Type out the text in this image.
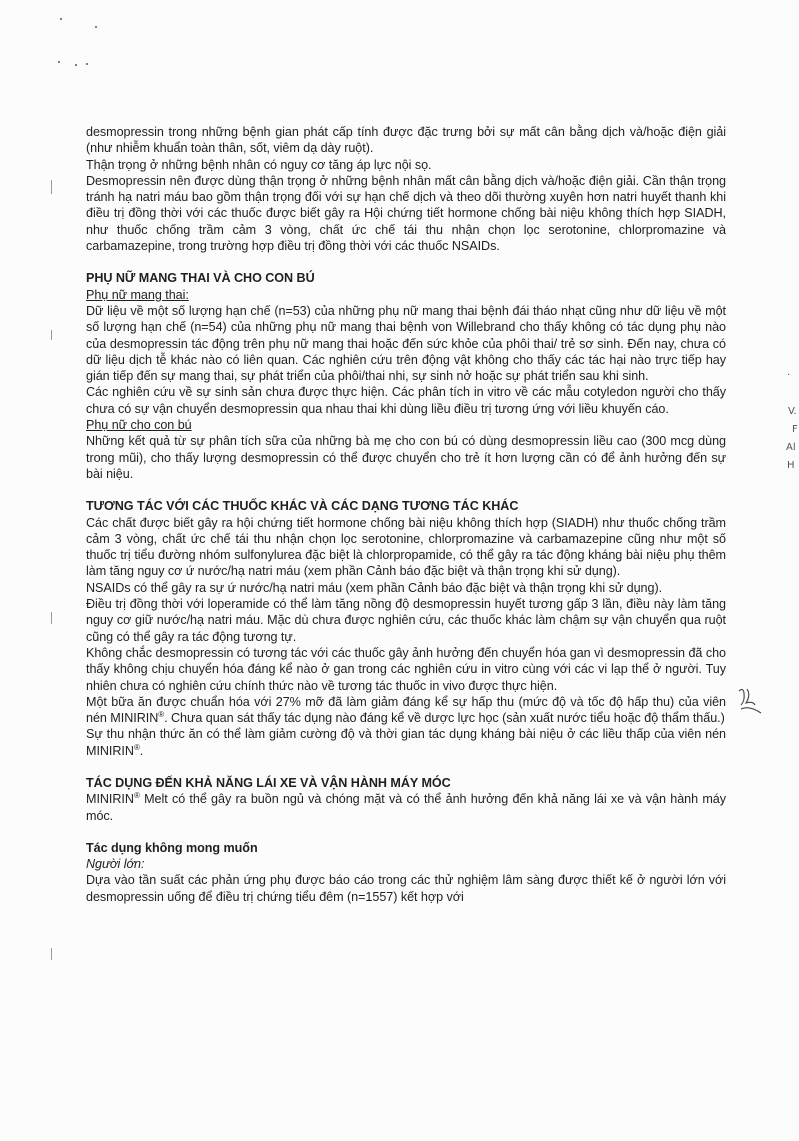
·
V.
F
Al
H

desmopressin trong những bệnh gian phát cấp tính được đặc trưng bởi sự mất cân bằng dịch và/hoặc điện giải (như nhiễm khuẩn toàn thân, sốt, viêm dạ dày ruột).

Thận trọng ở những bệnh nhân có nguy cơ tăng áp lực nội sọ.

Desmopressin nên được dùng thận trọng ở những bệnh nhân mất cân bằng dịch và/hoặc điện giải. Cần thận trọng tránh hạ natri máu bao gồm thận trọng đối với sự hạn chế dịch và theo dõi thường xuyên hơn natri huyết thanh khi điều trị đồng thời với các thuốc được biết gây ra Hội chứng tiết hormone chống bài niệu không thích hợp SIADH, như thuốc chống trầm cảm 3 vòng, chất ức chế tái thu nhận chọn lọc serotonine, chlorpromazine và carbamazepine, trong trường hợp điều trị đồng thời với các thuốc NSAIDs.

PHỤ NỮ MANG THAI VÀ CHO CON BÚ

Phụ nữ mang thai:

Dữ liệu về một số lượng hạn chế (n=53) của những phụ nữ mang thai bệnh đái tháo nhạt cũng như dữ liệu về một số lượng hạn chế (n=54) của những phụ nữ mang thai bệnh von Willebrand cho thấy không có tác dụng phụ nào của desmopressin tác động trên phụ nữ mang thai hoặc đến sức khỏe của phôi thai/ trẻ sơ sinh. Đến nay, chưa có dữ liệu dịch tễ khác nào có liên quan. Các nghiên cứu trên động vật không cho thấy các tác hại nào trực tiếp hay gián tiếp đến sự mang thai, sự phát triển của phôi/thai nhi, sự sinh nở hoặc sự phát triển sau khi sinh.

Các nghiên cứu về sự sinh sản chưa được thực hiện. Các phân tích in vitro về các mẫu cotyledon người cho thấy chưa có sự vận chuyển desmopressin qua nhau thai khi dùng liều điều trị tương ứng với liều khuyến cáo.

Phụ nữ cho con bú

Những kết quả từ sự phân tích sữa của những bà mẹ cho con bú có dùng desmopressin liều cao (300 mcg dùng trong mũi), cho thấy lượng desmopressin có thể được chuyển cho trẻ ít hơn lượng cần có để ảnh hưởng đến sự bài niệu.

TƯƠNG TÁC VỚI CÁC THUỐC KHÁC VÀ CÁC DẠNG TƯƠNG TÁC KHÁC

Các chất được biết gây ra hội chứng tiết hormone chống bài niệu không thích hợp (SIADH) như thuốc chống trầm cảm 3 vòng, chất ức chế tái thu nhận chọn lọc serotonine, chlorpromazine và carbamazepine cũng như một số thuốc trị tiểu đường nhóm sulfonylurea đặc biệt là chlorpropamide, có thể gây ra tác động kháng bài niệu phụ thêm làm tăng nguy cơ ứ nước/hạ natri máu (xem phần Cảnh báo đặc biệt và thận trọng khi sử dụng).

NSAIDs có thể gây ra sự ứ nước/hạ natri máu (xem phần Cảnh báo đặc biệt và thận trọng khi sử dụng).

Điều trị đồng thời với loperamide có thể làm tăng nồng độ desmopressin huyết tương gấp 3 lần, điều này làm tăng nguy cơ giữ nước/hạ natri máu. Mặc dù chưa được nghiên cứu, các thuốc khác làm chậm sự vận chuyển qua ruột cũng có thể gây ra tác động tương tự.

Không chắc desmopressin có tương tác với các thuốc gây ảnh hưởng đến chuyển hóa gan vì desmopressin đã cho thấy không chịu chuyển hóa đáng kể nào ở gan trong các nghiên cứu in vitro cùng với các vi lạp thể ở người. Tuy nhiên chưa có nghiên cứu chính thức nào về tương tác thuốc in vivo được thực hiện.

Một bữa ăn được chuẩn hóa với 27% mỡ đã làm giảm đáng kể sự hấp thu (mức độ và tốc độ hấp thu) của viên nén MINIRIN®. Chưa quan sát thấy tác dụng nào đáng kể về dược lực học (sản xuất nước tiểu hoặc độ thẩm thấu.)

Sự thu nhận thức ăn có thể làm giảm cường độ và thời gian tác dụng kháng bài niệu ở các liều thấp của viên nén MINIRIN®.

TÁC DỤNG ĐẾN KHẢ NĂNG LÁI XE VÀ VẬN HÀNH MÁY MÓC

MINIRIN® Melt có thể gây ra buồn ngủ và chóng mặt và có thể ảnh hưởng đến khả năng lái xe và vận hành máy móc.

Tác dụng không mong muốn

Người lớn:

Dựa vào tần suất các phản ứng phụ được báo cáo trong các thử nghiệm lâm sàng được thiết kế ở người lớn với desmopressin uống để điều trị chứng tiểu đêm (n=1557) kết hợp với
